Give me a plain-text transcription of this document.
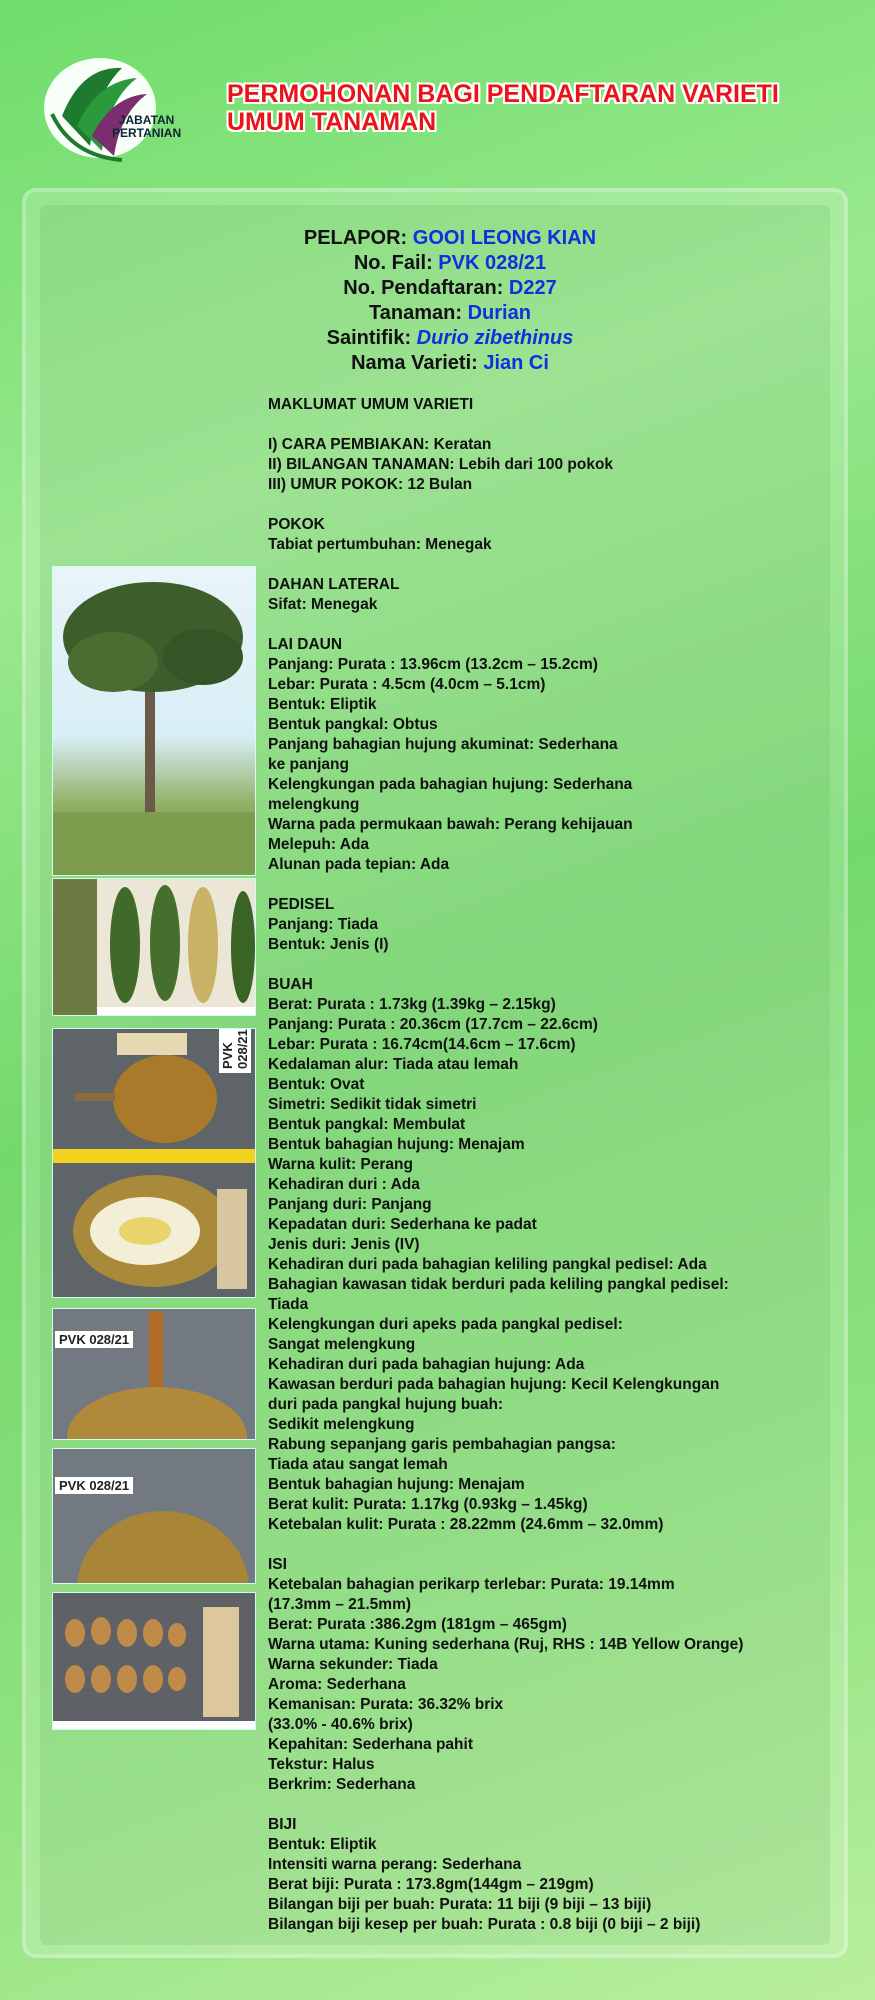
JABATAN
PERTANIAN
PERMOHONAN BAGI PENDAFTARAN VARIETI
UMUM TANAMAN
PELAPOR: GOOI LEONG KIAN
No. Fail: PVK 028/21
No. Pendaftaran: D227
Tanaman: Durian
Saintifik: Durio zibethinus
Nama Varieti: Jian Ci
PVK 028/21
PVK 028/21
PVK 028/21
MAKLUMAT UMUM VARIETI
I) CARA PEMBIAKAN: Keratan
II) BILANGAN TANAMAN: Lebih dari 100 pokok
III) UMUR POKOK: 12 Bulan
POKOK
Tabiat pertumbuhan: Menegak
DAHAN LATERAL
Sifat: Menegak
LAI DAUN
Panjang: Purata : 13.96cm (13.2cm – 15.2cm)
Lebar: Purata : 4.5cm (4.0cm – 5.1cm)
Bentuk: Eliptik
Bentuk pangkal: Obtus
Panjang bahagian hujung akuminat: Sederhana
ke panjang
Kelengkungan pada bahagian hujung: Sederhana
melengkung
Warna pada permukaan bawah: Perang kehijauan
Melepuh: Ada
Alunan pada tepian: Ada
PEDISEL
Panjang: Tiada
Bentuk: Jenis (I)
BUAH
Berat: Purata : 1.73kg (1.39kg – 2.15kg)
Panjang: Purata : 20.36cm (17.7cm – 22.6cm)
Lebar: Purata : 16.74cm(14.6cm – 17.6cm)
Kedalaman alur: Tiada atau lemah
Bentuk: Ovat
Simetri: Sedikit tidak simetri
Bentuk pangkal: Membulat
Bentuk bahagian hujung: Menajam
Warna kulit: Perang
Kehadiran duri : Ada
Panjang duri: Panjang
Kepadatan duri: Sederhana ke padat
Jenis duri: Jenis (IV)
Kehadiran duri pada bahagian keliling pangkal pedisel: Ada
Bahagian kawasan tidak berduri pada keliling pangkal pedisel:
Tiada
Kelengkungan duri apeks pada pangkal pedisel:
Sangat melengkung
Kehadiran duri pada bahagian hujung: Ada
Kawasan berduri pada bahagian hujung: Kecil Kelengkungan
duri pada pangkal hujung buah:
Sedikit melengkung
Rabung sepanjang garis pembahagian pangsa:
Tiada atau sangat lemah
Bentuk bahagian hujung: Menajam
Berat kulit: Purata: 1.17kg (0.93kg – 1.45kg)
Ketebalan kulit: Purata : 28.22mm (24.6mm – 32.0mm)
ISI
Ketebalan bahagian perikarp terlebar: Purata: 19.14mm
(17.3mm – 21.5mm)
Berat: Purata :386.2gm (181gm – 465gm)
Warna utama: Kuning sederhana (Ruj, RHS : 14B Yellow Orange)
Warna sekunder: Tiada
Aroma: Sederhana
Kemanisan: Purata: 36.32% brix
(33.0% - 40.6% brix)
Kepahitan: Sederhana pahit
Tekstur: Halus
Berkrim: Sederhana
BIJI
Bentuk: Eliptik
Intensiti warna perang: Sederhana
Berat biji: Purata : 173.8gm(144gm – 219gm)
Bilangan biji per buah: Purata: 11 biji (9 biji – 13 biji)
Bilangan biji kesep per buah: Purata : 0.8 biji (0 biji – 2 biji)
